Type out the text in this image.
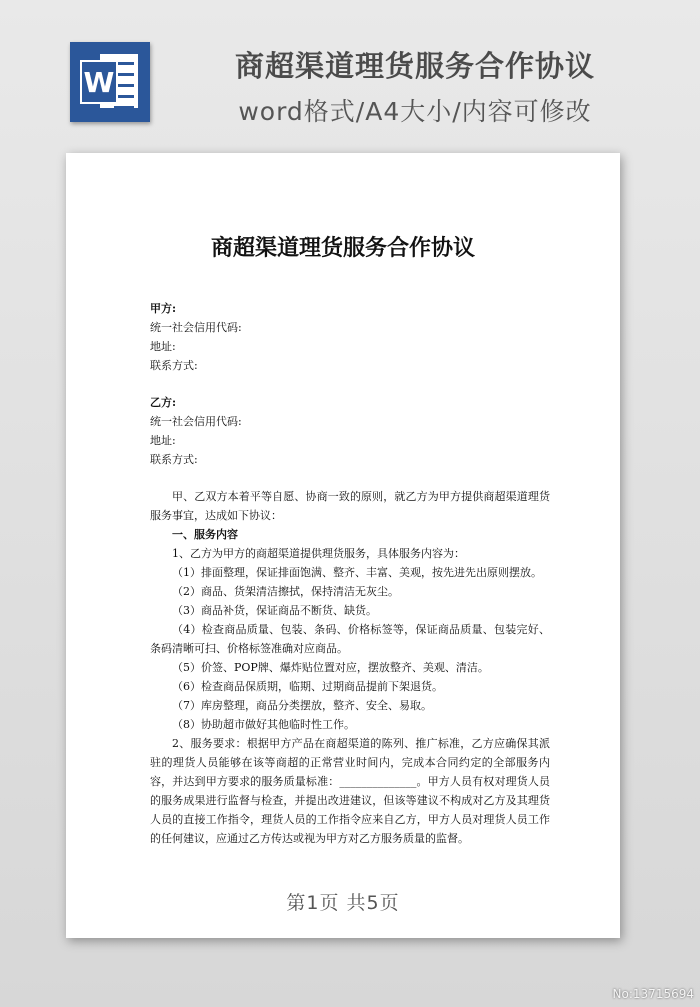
W	商超渠道理货服务合作协议
word格式/A4大小/内容可修改
商超渠道理货服务合作协议
甲方:
统一社会信用代码:
地址:
联系方式:
乙方:
统一社会信用代码:
地址:
联系方式:
甲、乙双方本着平等自愿、协商一致的原则，就乙方为甲方提供商超渠道理货服务事宜，达成如下协议：
一、服务内容
1、乙方为甲方的商超渠道提供理货服务，具体服务内容为：
（1）排面整理，保证排面饱满、整齐、丰富、美观，按先进先出原则摆放。
（2）商品、货架清洁擦拭，保持清洁无灰尘。
（3）商品补货，保证商品不断货、缺货。
（4）检查商品质量、包装、条码、价格标签等，保证商品质量、包装完好、条码清晰可扫、价格标签准确对应商品。
（5）价签、POP牌、爆炸贴位置对应，摆放整齐、美观、清洁。
（6）检查商品保质期，临期、过期商品提前下架退货。
（7）库房整理，商品分类摆放，整齐、安全、易取。
（8）协助超市做好其他临时性工作。
2、服务要求：根据甲方产品在商超渠道的陈列、推广标准，乙方应确保其派驻的理货人员能够在该等商超的正常营业时间内，完成本合同约定的全部服务内容，并达到甲方要求的服务质量标准：______________。甲方人员有权对理货人员的服务成果进行监督与检查，并提出改进建议，但该等建议不构成对乙方及其理货人员的直接工作指令，理货人员的工作指令应来自乙方，甲方人员对理货人员工作的任何建议，应通过乙方传达或视为甲方对乙方服务质量的监督。
第1页 共5页
No:13715694
